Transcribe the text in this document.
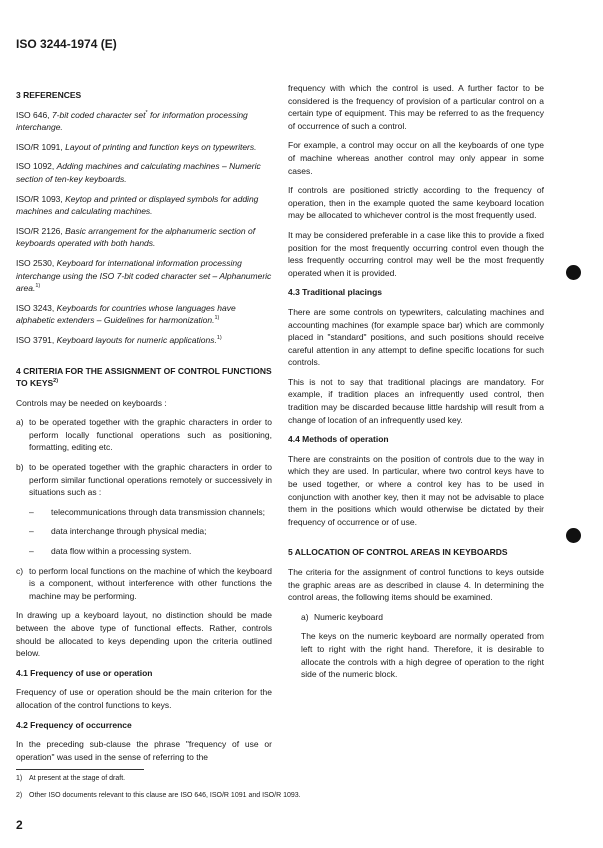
ISO 3244-1974 (E)
3 REFERENCES
ISO 646, 7-bit coded character set* for information processing interchange.
ISO/R 1091, Layout of printing and function keys on typewriters.
ISO 1092, Adding machines and calculating machines – Numeric section of ten-key keyboards.
ISO/R 1093, Keytop and printed or displayed symbols for adding machines and calculating machines.
ISO/R 2126, Basic arrangement for the alphanumeric section of keyboards operated with both hands.
ISO 2530, Keyboard for international information processing interchange using the ISO 7-bit coded character set – Alphanumeric area.$^{1)}$
ISO 3243, Keyboards for countries whose languages have alphabetic extenders – Guidelines for harmonization.$^{1)}$
ISO 3791, Keyboard layouts for numeric applications.$^{1)}$
4 CRITERIA FOR THE ASSIGNMENT OF CONTROL FUNCTIONS TO KEYS$^{2)}$

Controls may be needed on keyboards :

a) to be operated together with the graphic characters in order to perform locally functional operations such as positioning, formatting, editing etc.
b) to be operated together with the graphic characters in order to perform similar functional operations remotely or successively in situations such as :
–	telecommunications through data transmission channels;
–	data interchange through physical media;
–	data flow within a processing system.
c) to perform local functions on the machine of which the keyboard is a component, without interference with other functions the machine may be performing.

In drawing up a keyboard layout, no distinction should be made between the above type of functional effects. Rather, controls should be allocated to keys depending upon the criteria outlined below.

4.1 Frequency of use or operation

Frequency of use or operation should be the main criterion for the allocation of the control functions to keys.

4.2 Frequency of occurrence

In the preceding sub-clause the phrase "frequency of use or operation" was used in the sense of referring to the

frequency with which the control is used. A further factor to be considered is the frequency of provision of a particular control on a certain type of equipment. This may be referred to as the frequency of occurrence of such a control.

For example, a control may occur on all the keyboards of one type of machine whereas another control may only appear in some cases.

If controls are positioned strictly according to the frequency of operation, then in the example quoted the same keyboard location may be allocated to whichever control is the most frequently used.

It may be considered preferable in a case like this to provide a fixed position for the most frequently occurring control even though the less frequently occurring control may well be the most frequently operated when it is provided.

4.3 Traditional placings

There are some controls on typewriters, calculating machines and accounting machines (for example space bar) which are commonly placed in "standard" positions, and such positions should receive careful attention in any attempt to define specific locations for such controls.

This is not to say that traditional placings are mandatory. For example, if tradition places an infrequently used control, then tradition may be discarded because little hardship will result from a change of location of an infrequently used key.

4.4 Methods of operation

There are constraints on the position of controls due to the way in which they are used. In particular, where two control keys have to be used together, or where a control key has to be used in conjunction with another key, then it may not be advisable to place them in the positions which would otherwise be dictated by their frequency of occurrence or of use.

5 ALLOCATION OF CONTROL AREAS IN KEYBOARDS

The criteria for the assignment of control functions to keys outside the graphic areas are as described in clause 4. In determining the control areas, the following items should be examined.

a) Numeric keyboard

The keys on the numeric keyboard are normally operated from left to right with the right hand. Therefore, it is desirable to allocate the controls with a high degree of operation to the right side of the numeric block.

1) At present at the stage of draft.
2) Other ISO documents relevant to this clause are ISO 646, ISO/R 1091 and ISO/R 1093.
2
